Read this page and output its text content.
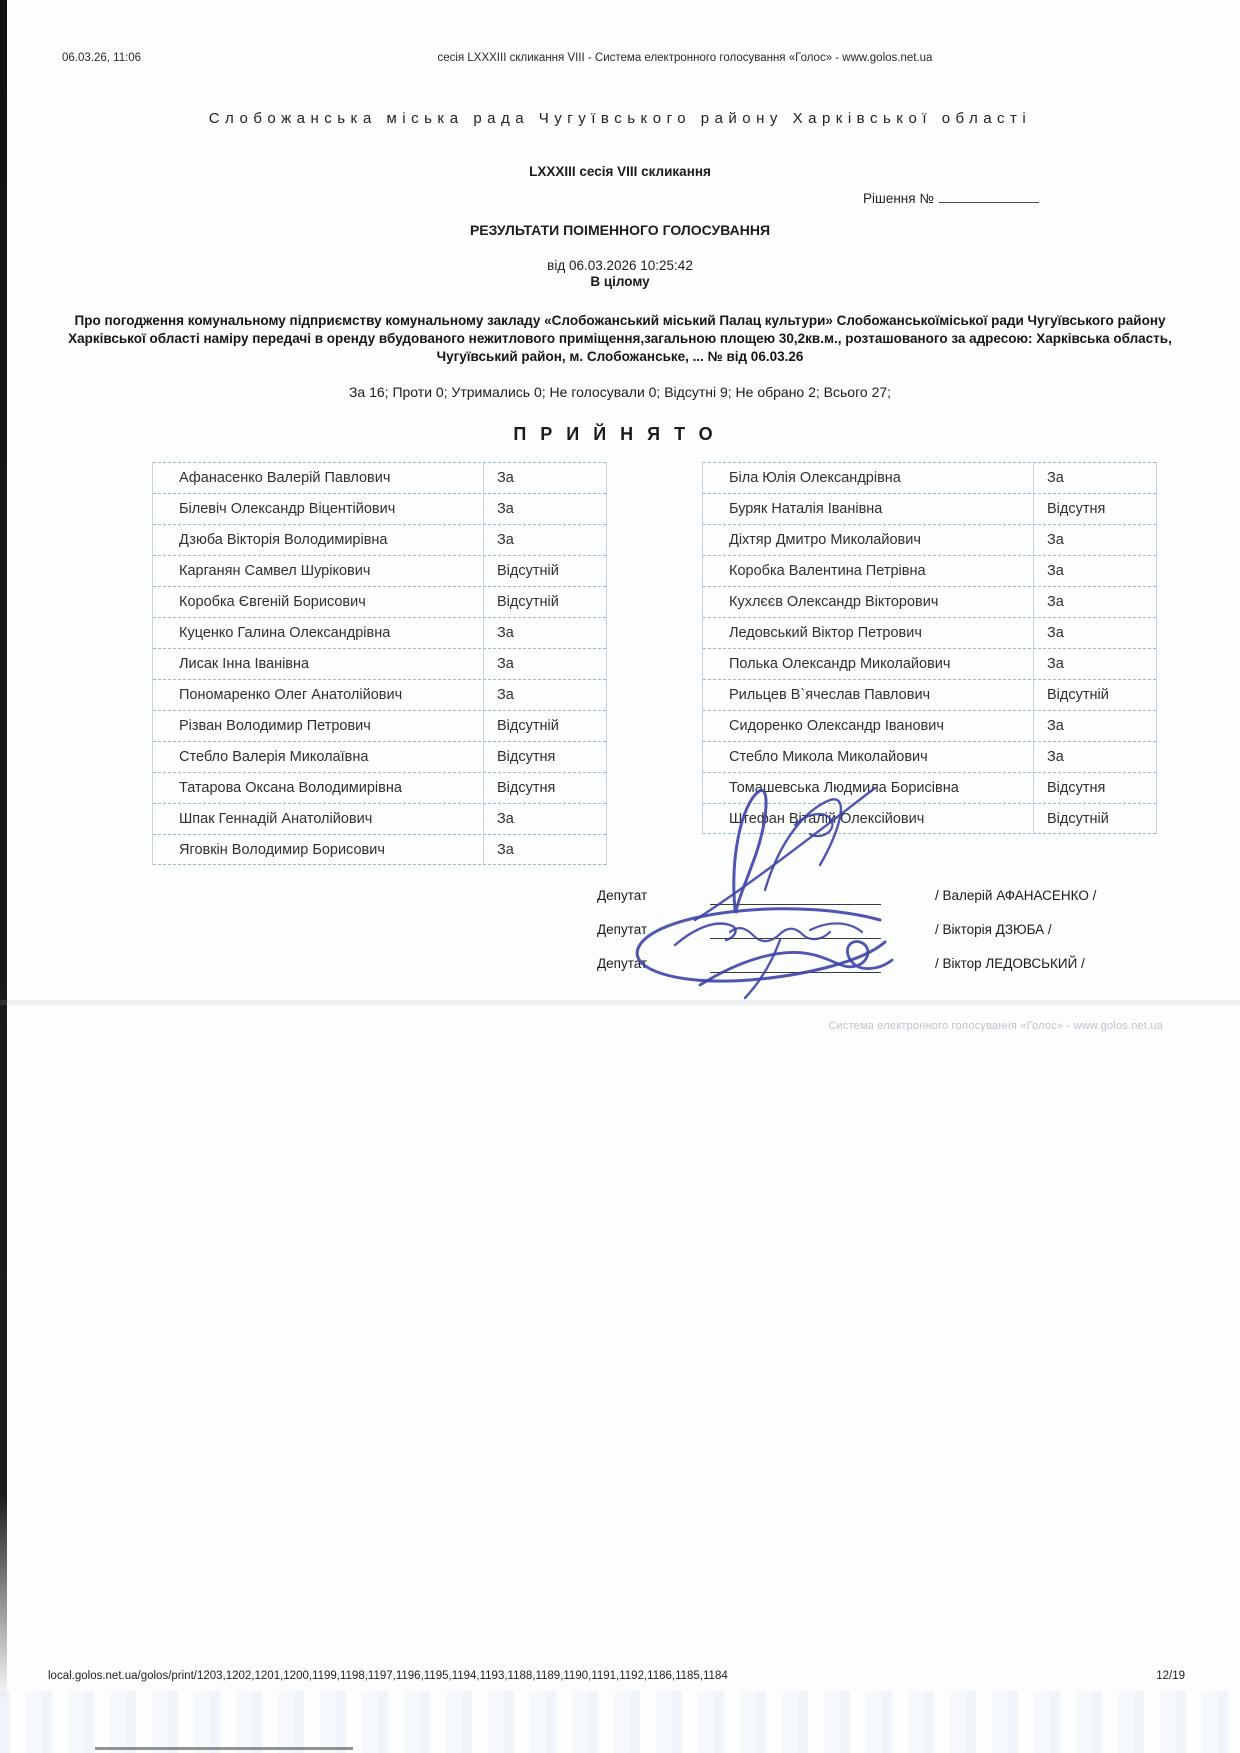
06.03.26, 11:06	сесія LXXXIII скликання VIII - Система електронного голосування «Голос» - www.golos.net.ua
Слобожанська міська рада Чугуївського району Харківської області
LXXXIII сесія VIII скликання
Рішення №
РЕЗУЛЬТАТИ ПОІМЕННОГО ГОЛОСУВАННЯ
від 06.03.2026 10:25:42
В цілому
Про погодження комунальному підприємству комунальному закладу «Слобожанський міський Палац культури» Слобожанськоїміської ради Чугуївського району Харківської області наміру передачі в оренду вбудованого нежитлового приміщення,загальною площею 30,2кв.м., розташованого за адресою: Харківська область, Чугуївський район, м. Слобожанське, ... № від 06.03.26
За 16; Проти 0; Утримались 0; Не голосували 0; Відсутні 9; Не обрано 2; Всього 27;
ПРИЙНЯТО
Афанасенко Валерій Павлович	За
Білевіч Олександр Віцентійович	За
Дзюба Вікторія Володимирівна	За
Карганян Самвел Шурікович	Відсутній
Коробка Євгеній Борисович	Відсутній
Куценко Галина Олександрівна	За
Лисак Інна Іванівна	За
Пономаренко Олег Анатолійович	За
Різван Володимир Петрович	Відсутній
Стебло Валерія Миколаївна	Відсутня
Татарова Оксана Володимирівна	Відсутня
Шпак Геннадій Анатолійович	За
Яговкін Володимир Борисович	За
Біла Юлія Олександрівна	За
Буряк Наталія Іванівна	Відсутня
Діхтяр Дмитро Миколайович	За
Коробка Валентина Петрівна	За
Кухлєєв Олександр Вікторович	За
Ледовський Віктор Петрович	За
Полька Олександр Миколайович	За
Рильцев В`ячеслав Павлович	Відсутній
Сидоренко Олександр Іванович	За
Стебло Микола Миколайович	За
Томашевська Людмила Борисівна	Відсутня
Штефан Віталій Олексійович	Відсутній
Депутат	/ Валерій АФАНАСЕНКО /
Депутат	/ Вікторія ДЗЮБА /
Депутат	/ Віктор ЛЕДОВСЬКИЙ /
Система електронного голосування «Голос» - www.golos.net.ua
local.golos.net.ua/golos/print/1203,1202,1201,1200,1199,1198,1197,1196,1195,1194,1193,1188,1189,1190,1191,1192,1186,1185,1184	12/19
